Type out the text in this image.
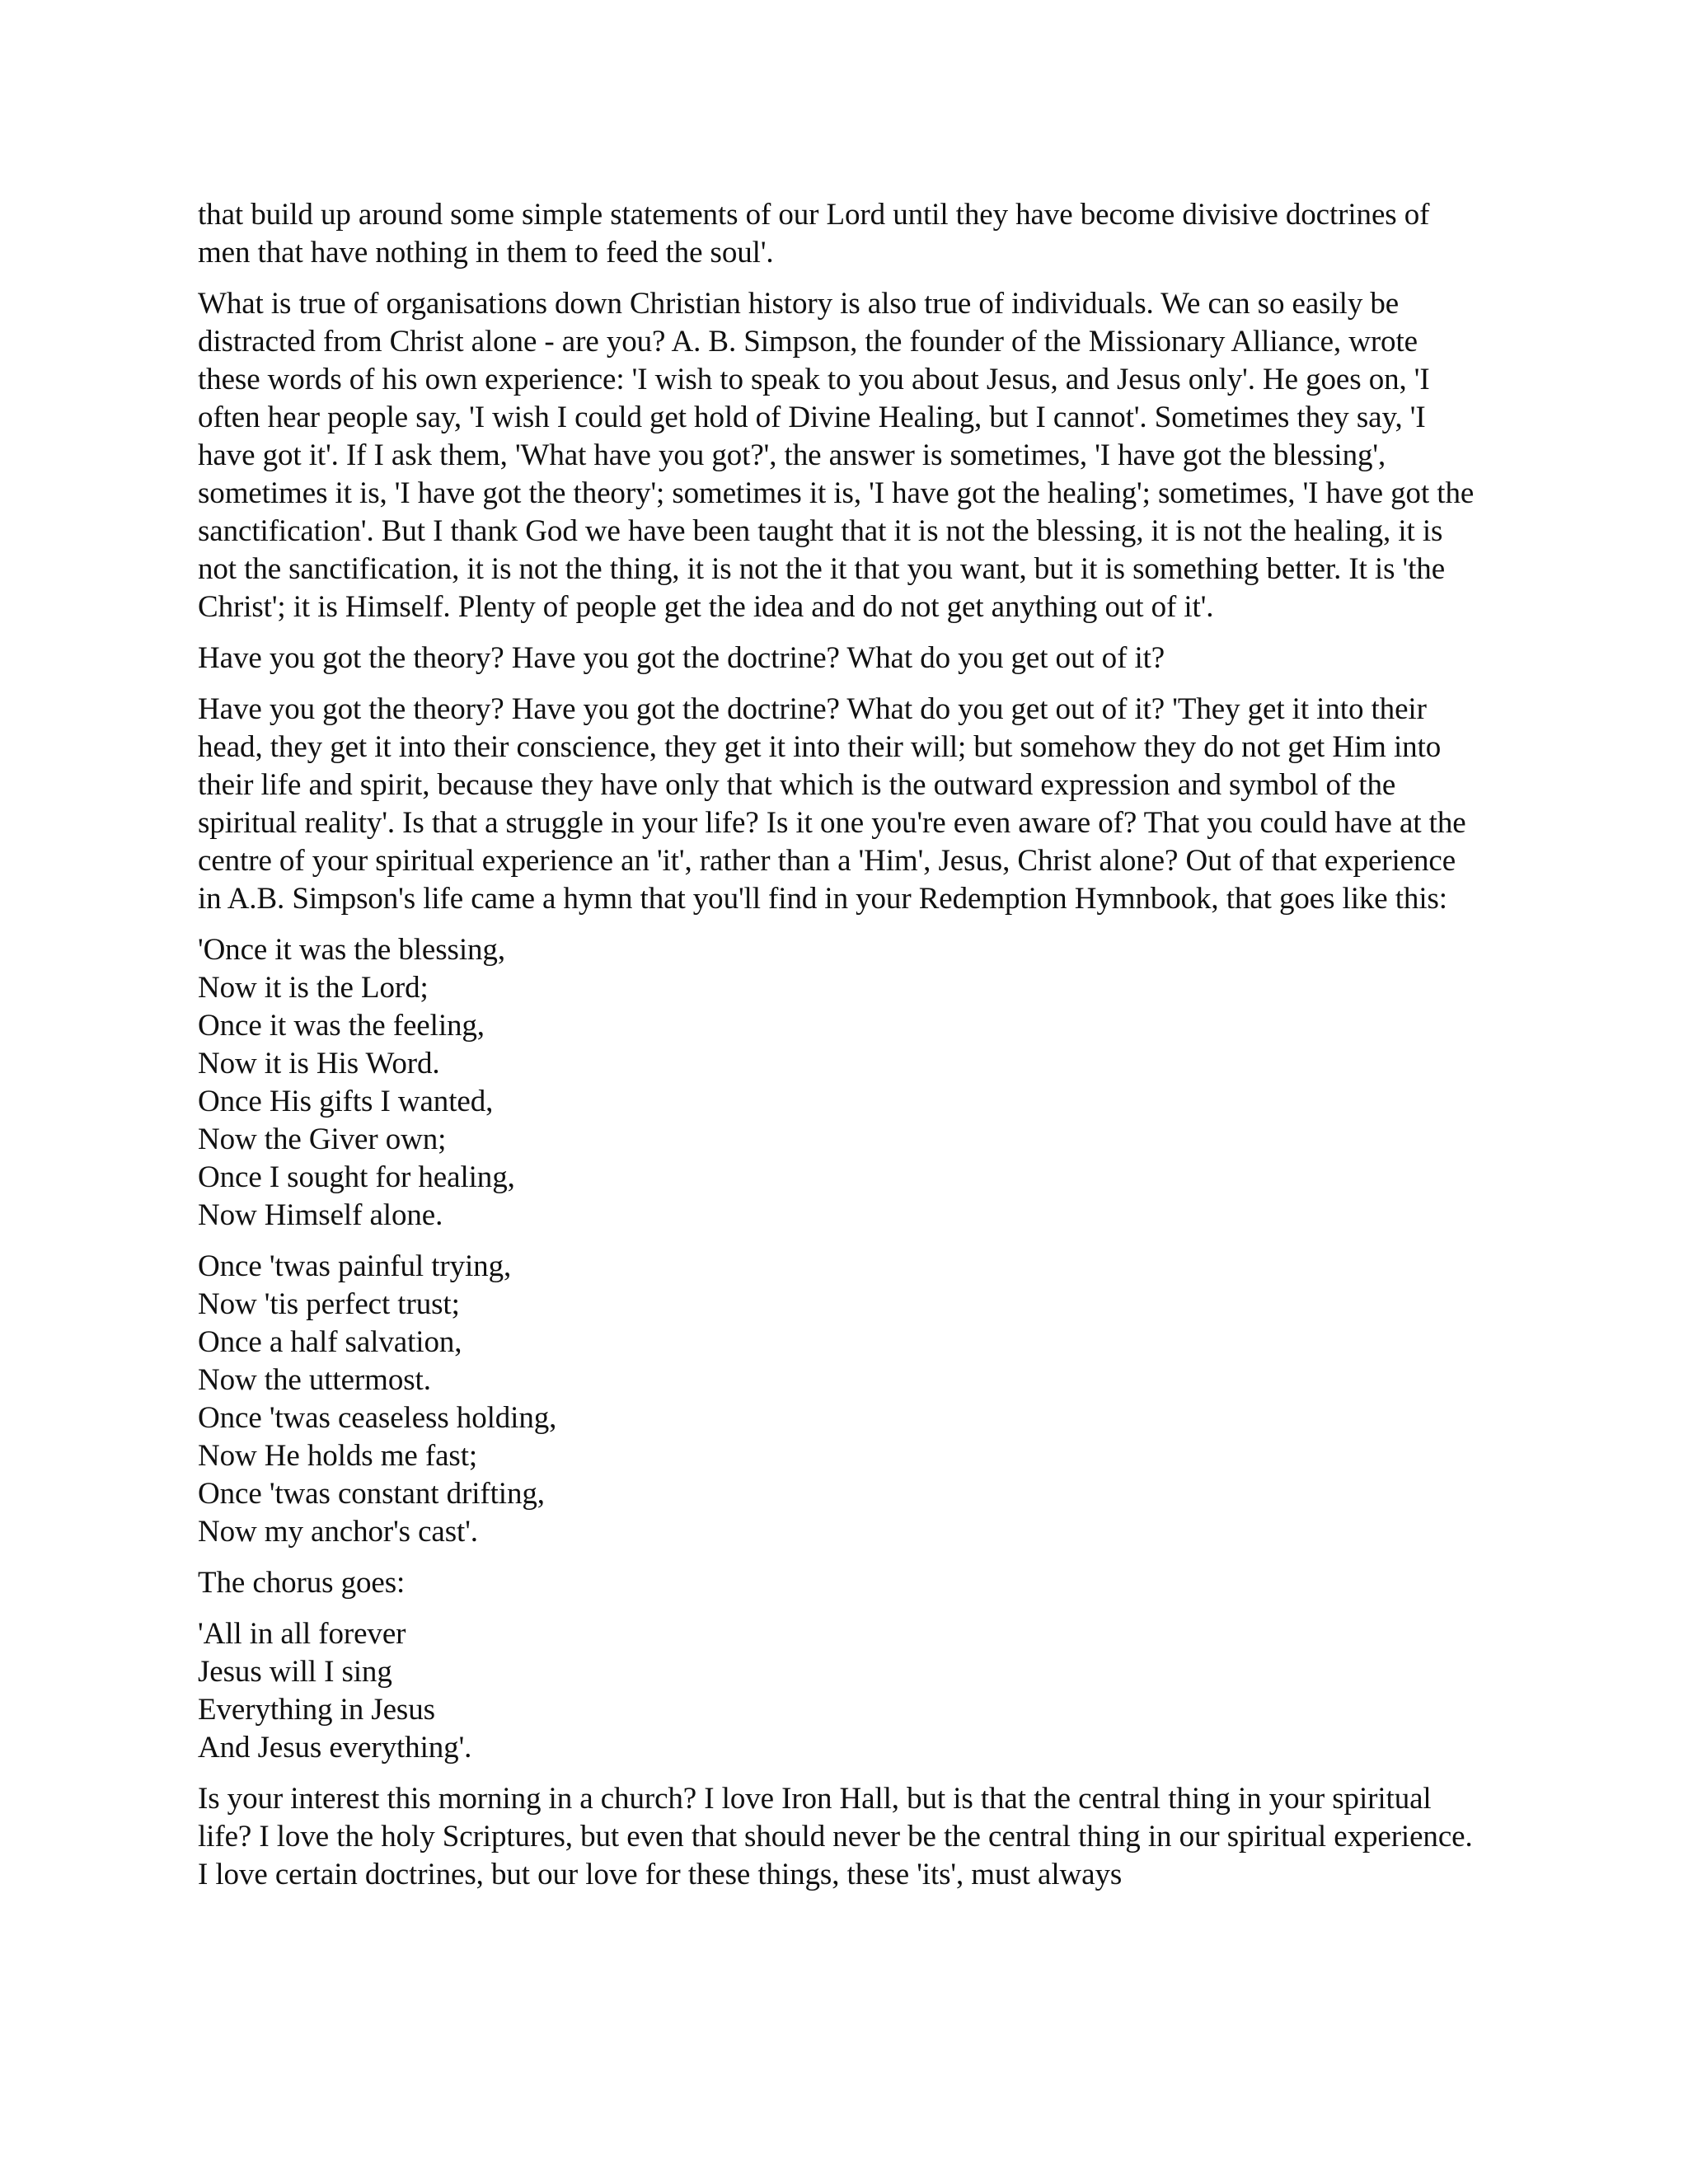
that build up around some simple statements of our Lord until they have become divisive doctrines of men that have nothing in them to feed the soul'.

What is true of organisations down Christian history is also true of individuals. We can so easily be distracted from Christ alone - are you? A. B. Simpson, the founder of the Missionary Alliance, wrote these words of his own experience: 'I wish to speak to you about Jesus, and Jesus only'. He goes on, 'I often hear people say, 'I wish I could get hold of Divine Healing, but I cannot'. Sometimes they say, 'I have got it'. If I ask them, 'What have you got?', the answer is sometimes, 'I have got the blessing', sometimes it is, 'I have got the theory'; sometimes it is, 'I have got the healing'; sometimes, 'I have got the sanctification'. But I thank God we have been taught that it is not the blessing, it is not the healing, it is not the sanctification, it is not the thing, it is not the it that you want, but it is something better. It is 'the Christ'; it is Himself. Plenty of people get the idea and do not get anything out of it'.

Have you got the theory? Have you got the doctrine? What do you get out of it?

Have you got the theory? Have you got the doctrine? What do you get out of it? 'They get it into their head, they get it into their conscience, they get it into their will; but somehow they do not get Him into their life and spirit, because they have only that which is the outward expression and symbol of the spiritual reality'. Is that a struggle in your life? Is it one you're even aware of? That you could have at the centre of your spiritual experience an 'it', rather than a 'Him', Jesus, Christ alone? Out of that experience in A.B. Simpson's life came a hymn that you'll find in your Redemption Hymnbook, that goes like this:

'Once it was the blessing,
Now it is the Lord;
Once it was the feeling,
Now it is His Word.
Once His gifts I wanted,
Now the Giver own;
Once I sought for healing,
Now Himself alone.
Once 'twas painful trying,
Now 'tis perfect trust;
Once a half salvation,
Now the uttermost.
Once 'twas ceaseless holding,
Now He holds me fast;
Once 'twas constant drifting,
Now my anchor's cast'.

The chorus goes:

'All in all forever
Jesus will I sing
Everything in Jesus
And Jesus everything'.

Is your interest this morning in a church? I love Iron Hall, but is that the central thing in your spiritual life? I love the holy Scriptures, but even that should never be the central thing in our spiritual experience. I love certain doctrines, but our love for these things, these 'its', must always
